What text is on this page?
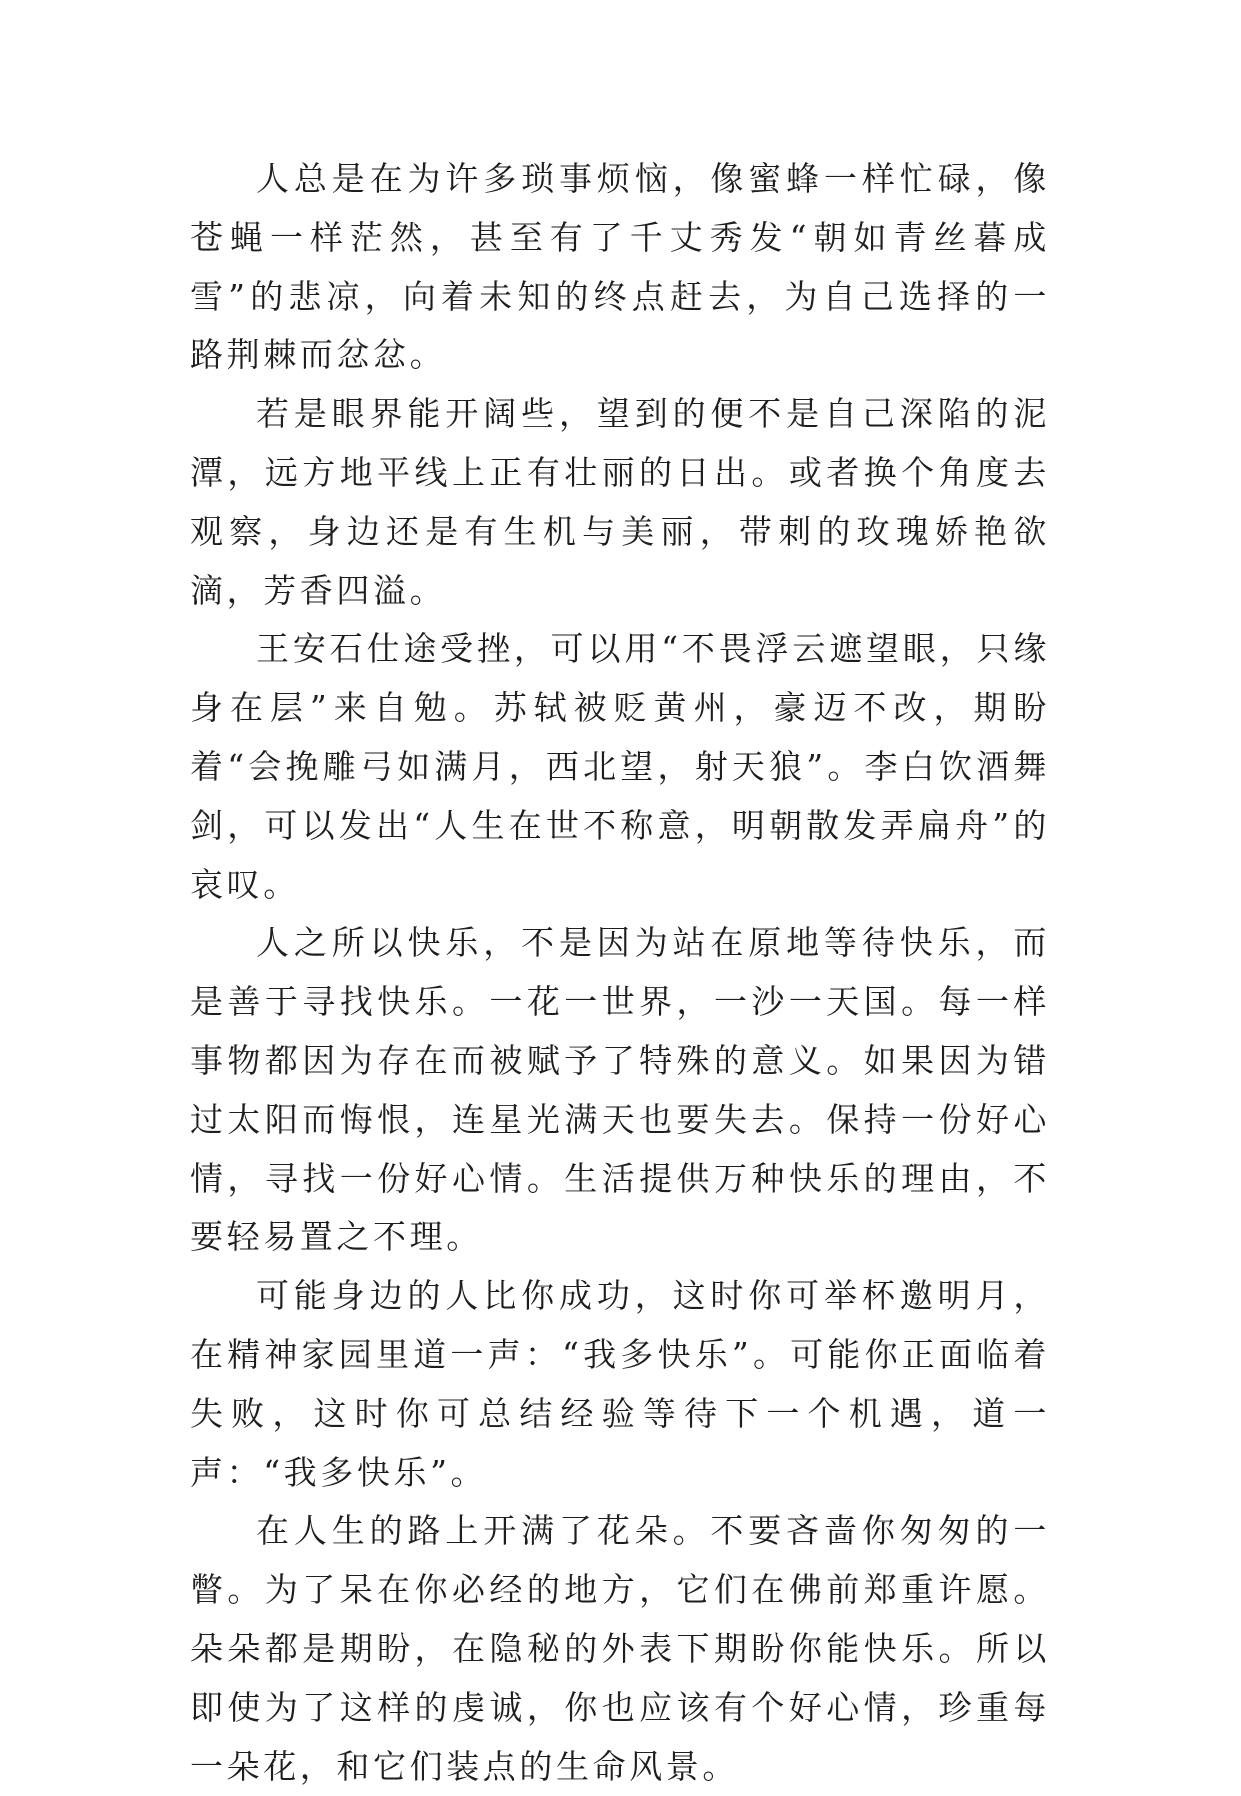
人总是在为许多琐事烦恼，像蜜蜂一样忙碌，像苍蝇一样茫然，甚至有了千丈秀发“朝如青丝暮成雪”的悲凉，向着未知的终点赶去，为自己选择的一路荆棘而忿忿。

若是眼界能开阔些，望到的便不是自己深陷的泥潭，远方地平线上正有壮丽的日出。或者换个角度去观察，身边还是有生机与美丽，带刺的玫瑰娇艳欲滴，芳香四溢。

王安石仕途受挫，可以用“不畏浮云遮望眼，只缘身在层”来自勉。苏轼被贬黄州，豪迈不改，期盼着“会挽雕弓如满月，西北望，射天狼”。李白饮酒舞剑，可以发出“人生在世不称意，明朝散发弄扁舟”的哀叹。

人之所以快乐，不是因为站在原地等待快乐，而是善于寻找快乐。一花一世界，一沙一天国。每一样事物都因为存在而被赋予了特殊的意义。如果因为错过太阳而悔恨，连星光满天也要失去。保持一份好心情，寻找一份好心情。生活提供万种快乐的理由，不要轻易置之不理。

可能身边的人比你成功，这时你可举杯邀明月，在精神家园里道一声：“我多快乐”。可能你正面临着失败，这时你可总结经验等待下一个机遇，道一声：“我多快乐”。

在人生的路上开满了花朵。不要吝啬你匆匆的一瞥。为了呆在你必经的地方，它们在佛前郑重许愿。朵朵都是期盼，在隐秘的外表下期盼你能快乐。所以即使为了这样的虔诚，你也应该有个好心情，珍重每一朵花，和它们装点的生命风景。
